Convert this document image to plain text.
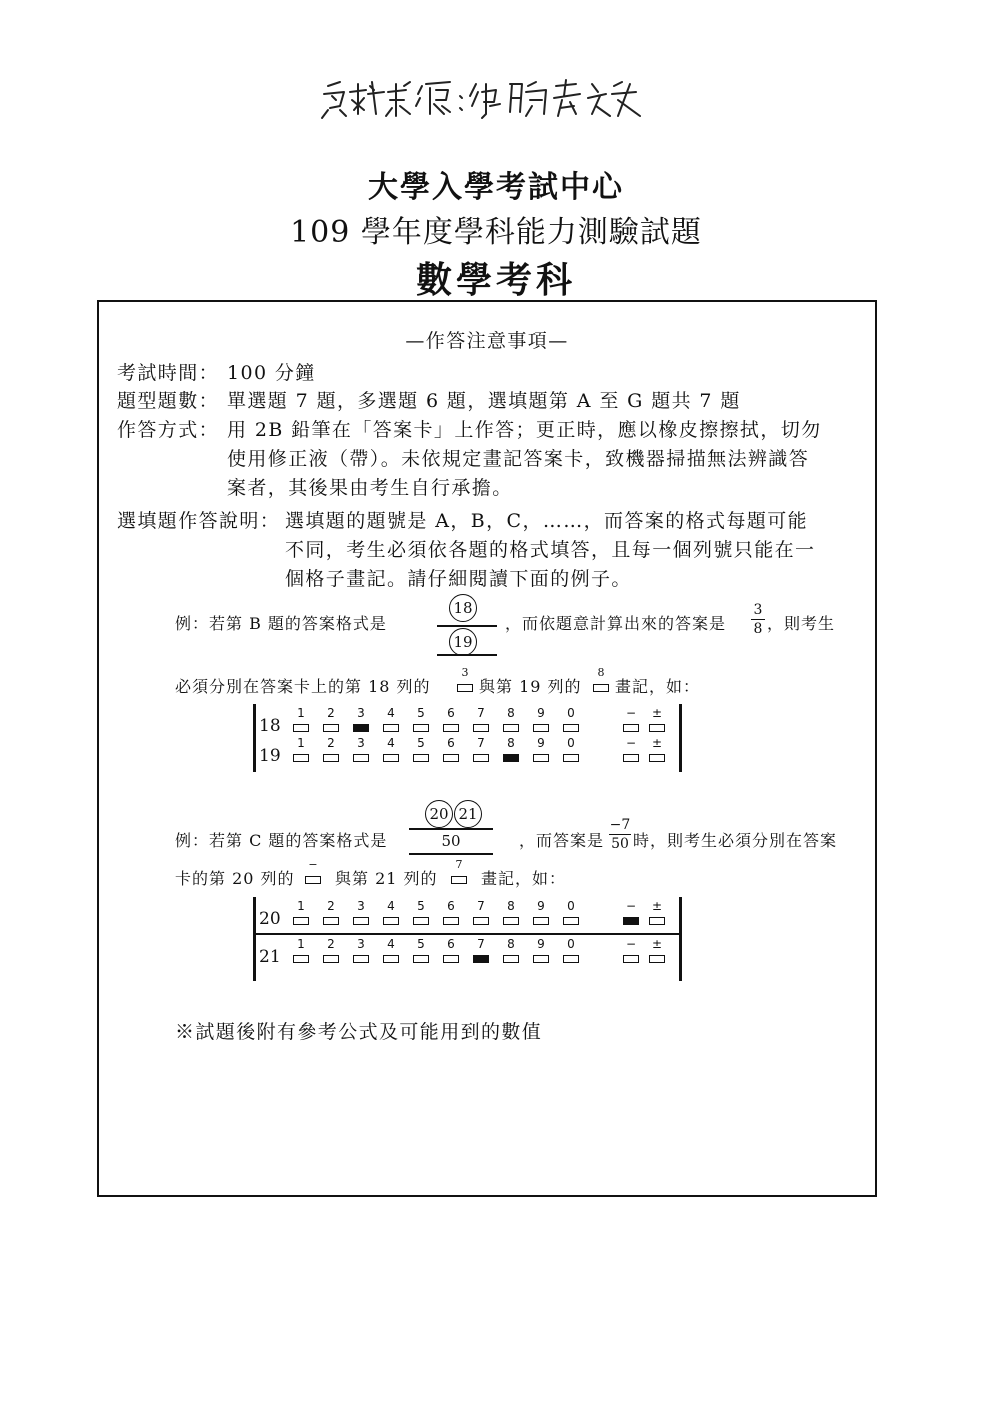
大學入學考試中心
109 學年度學科能力測驗試題
數學考科
—作答注意事項—
考試時間： 100 分鐘
題型題數： 單選題 7 題，多選題 6 題，選填題第 A 至 G 題共 7 題
作答方式： 用 2B 鉛筆在「答案卡」上作答；更正時，應以橡皮擦擦拭，切勿
使用修正液（帶）。未依規定畫記答案卡，致機器掃描無法辨識答
案者，其後果由考生自行承擔。
選填題作答說明： 選填題的題號是 A，B，C，……，而答案的格式每題可能
不同，考生必須依各題的格式填答，且每一個列號只能在一
個格子畫記。請仔細閱讀下面的例子。
例：若第 B 題的答案格式是
18
19
，而依題意計算出來的答案是
3
8 ，則考生
必須分別在答案卡上的第 18 列的
3
與第 19 列的
8
畫記，如：
18
1	2	3	4	5	6	7	8	9	0	− ±
19
1	2	3	4	5	6	7	8	9	0	− ±
20 21
例：若第 C 題的答案格式是	50	，而答案是
−7
50 時，則考生必須分別在答案
卡的第 20 列的
−
與第 21 列的
7
畫記，如：
20
1	2	3	4	5	6	7	8	9	0	− ±
21
1	2	3	4	5	6	7	8	9	0	− ±
※試題後附有參考公式及可能用到的數值
